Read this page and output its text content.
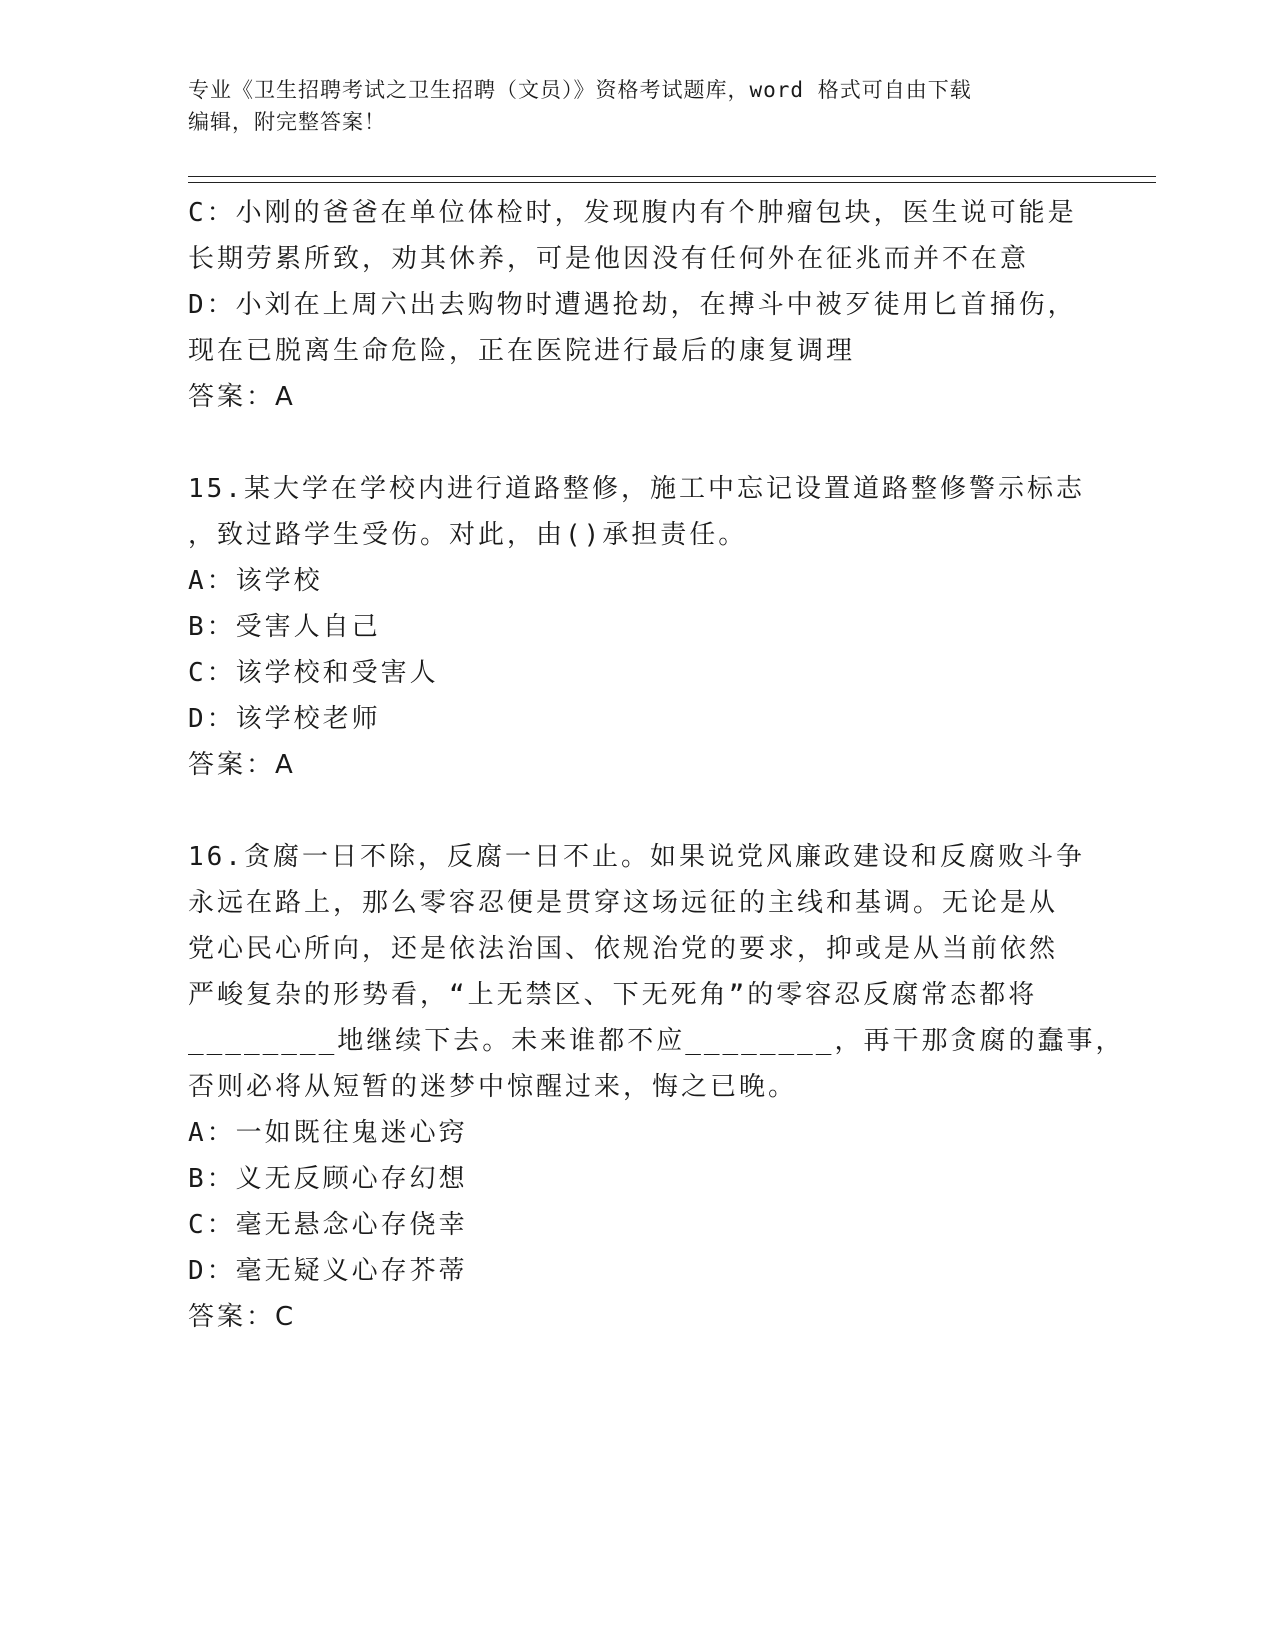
专业《卫生招聘考试之卫生招聘（文员）》资格考试题库，word 格式可自由下载
编辑，附完整答案！
C：小刚的爸爸在单位体检时，发现腹内有个肿瘤包块，医生说可能是
长期劳累所致，劝其休养，可是他因没有任何外在征兆而并不在意
D：小刘在上周六出去购物时遭遇抢劫，在搏斗中被歹徒用匕首捅伤，
现在已脱离生命危险，正在医院进行最后的康复调理
答案：A
15.某大学在学校内进行道路整修，施工中忘记设置道路整修警示标志
，致过路学生受伤。对此，由()承担责任。
A：该学校
B：受害人自己
C：该学校和受害人
D：该学校老师
答案：A
16.贪腐一日不除，反腐一日不止。如果说党风廉政建设和反腐败斗争
永远在路上，那么零容忍便是贯穿这场远征的主线和基调。无论是从
党心民心所向，还是依法治国、依规治党的要求，抑或是从当前依然
严峻复杂的形势看，“上无禁区、下无死角”的零容忍反腐常态都将
________地继续下去。未来谁都不应________，再干那贪腐的蠢事，
否则必将从短暂的迷梦中惊醒过来，悔之已晚。
A：一如既往鬼迷心窍
B：义无反顾心存幻想
C：毫无悬念心存侥幸
D：毫无疑义心存芥蒂
答案：C
